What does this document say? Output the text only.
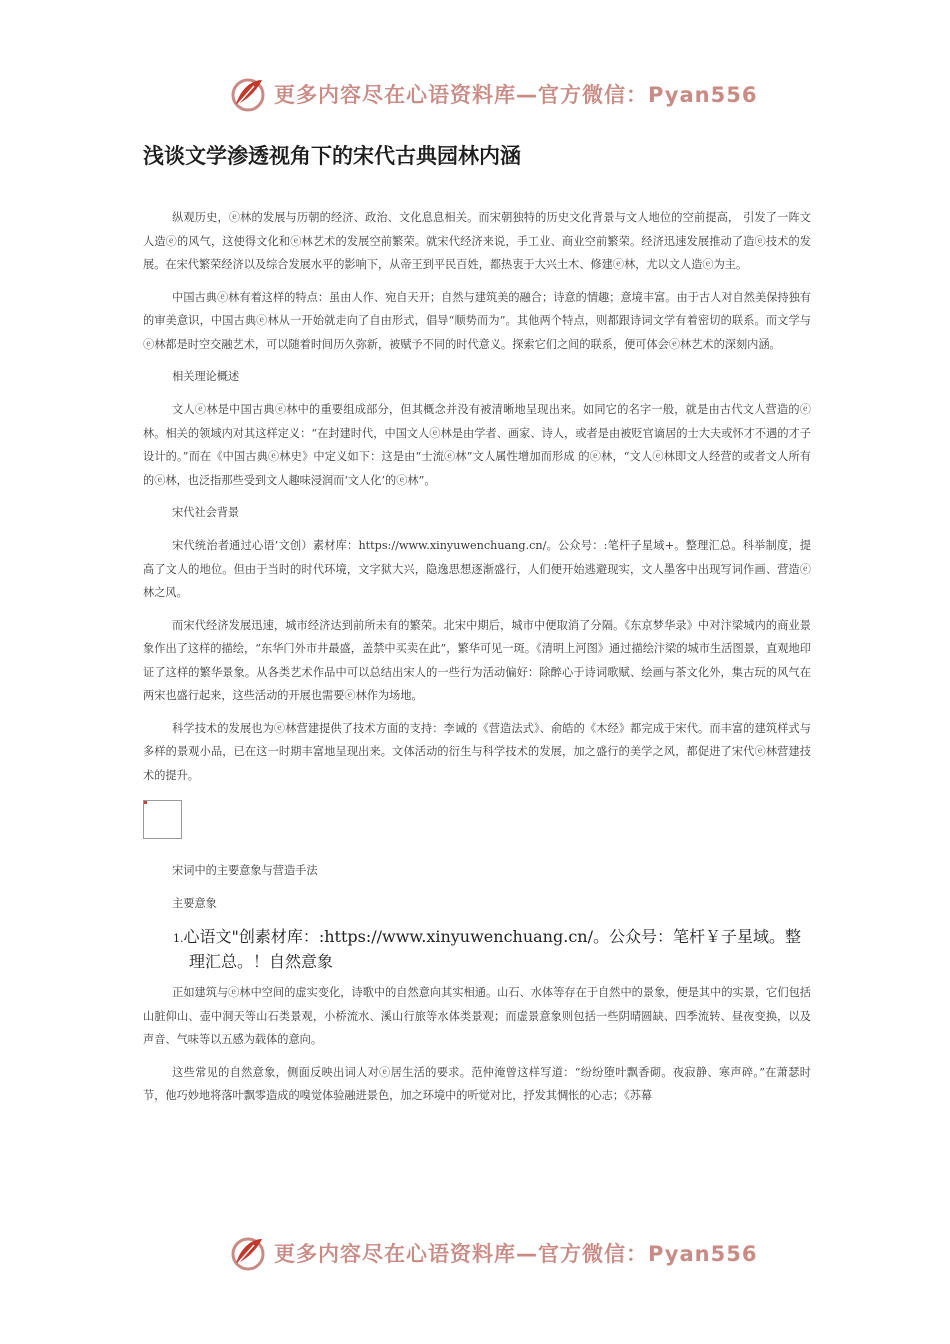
更多内容尽在心语资料库—官方微信：Pyan556
浅谈文学渗透视角下的宋代古典园林内涵

纵观历史，ⓔ林的发展与历朝的经济、政治、文化息息相关。而宋朝独特的历史文化背景与文人地位的空前提高， 引发了一阵文人造ⓔ的风气，这使得文化和ⓔ林艺术的发展空前繁荣。就宋代经济来说，手工业、商业空前繁荣。经济迅速发展推动了造ⓔ技术的发展。在宋代繁荣经济以及综合发展水平的影响下，从帝王到平民百姓，都热衷于大兴土木、修建ⓔ林，尤以文人造ⓔ为主。

中国古典ⓔ林有着这样的特点：虽由人作、宛自天开；自然与建筑美的融合；诗意的情趣；意境丰富。由于古人对自然美保持独有的审美意识，中国古典ⓔ林从一开始就走向了自由形式，倡导“顺势而为”。其他两个特点，则都跟诗词文学有着密切的联系。而文学与ⓔ林都是时空交融艺术，可以随着时间历久弥新，被赋予不同的时代意义。探索它们之间的联系，便可体会ⓔ林艺术的深刻内涵。

相关理论概述

文人ⓔ林是中国古典ⓔ林中的重要组成部分，但其概念并没有被清晰地呈现出来。如同它的名字一般，就是由古代文人营造的ⓔ林。相关的领域内对其这样定义：“在封建时代，中国文人ⓔ林是由学者、画家、诗人，或者是由被贬官谪居的士大夫或怀才不遇的才子设计的。”而在《中国古典ⓔ林史》中定义如下：这是由“士流ⓔ林”文人属性增加而形成 的ⓔ林，“文人ⓔ林即文人经营的或者文人所有的ⓔ林，也泛指那些受到文人趣味浸润而‘文人化’的ⓔ林”。

宋代社会背景

宋代统治者通过心语’文创）素材库：https://www.xinyuwenchuang.cn/。公众号：:笔杆子星域+。整理汇总。科举制度，提高了文人的地位。但由于当时的时代环境，文字狱大兴，隐逸思想逐渐盛行，人们便开始逃避现实，文人墨客中出现写词作画、营造ⓔ林之风。

而宋代经济发展迅速，城市经济达到前所未有的繁荣。北宋中期后，城市中便取消了分隔。《东京梦华录》中对汴梁城内的商业景象作出了这样的描绘，“东华门外市井最盛，盖禁中买卖在此”，繁华可见一斑。《清明上河图》通过描绘汴梁的城市生活图景，直观地印证了这样的繁华景象。从各类艺术作品中可以总结出宋人的一些行为活动偏好：除醉心于诗词歌赋、绘画与茶文化外，集古玩的风气在两宋也盛行起来，这些活动的开展也需要ⓔ林作为场地。

科学技术的发展也为ⓔ林营建提供了技术方面的支持：李诫的《营造法式》、俞皓的《木经》都完成于宋代。而丰富的建筑样式与多样的景观小品，已在这一时期丰富地呈现出来。文体活动的衍生与科学技术的发展，加之盛行的美学之风，都促进了宋代ⓔ林营建技术的提升。

宋词中的主要意象与营造手法

主要意象

1.心语文"创素材库：:https://www.xinyuwenchuang.cn/。公众号：笔杆￥子星域。整理汇总。！自然意象

正如建筑与ⓔ林中空间的虚实变化，诗歌中的自然意向其实相通。山石、水体等存在于自然中的景象，便是其中的实景，它们包括山脏仰山、壶中洞天等山石类景观，小桥流水、溪山行旅等水体类景观；而虚景意象则包括一些阴晴圆缺、四季流转、昼夜变换，以及声音、气味等以五感为载体的意向。

这些常见的自然意象，侧面反映出词人对ⓔ居生活的要求。范仲淹曾这样写道：“纷纷堕叶飘香砌。夜寂静、寒声碎。”在萧瑟时节，他巧妙地将落叶飘零造成的嗅觉体验融进景色，加之环境中的听觉对比，抒发其惆怅的心志；《苏幕

更多内容尽在心语资料库—官方微信：Pyan556
